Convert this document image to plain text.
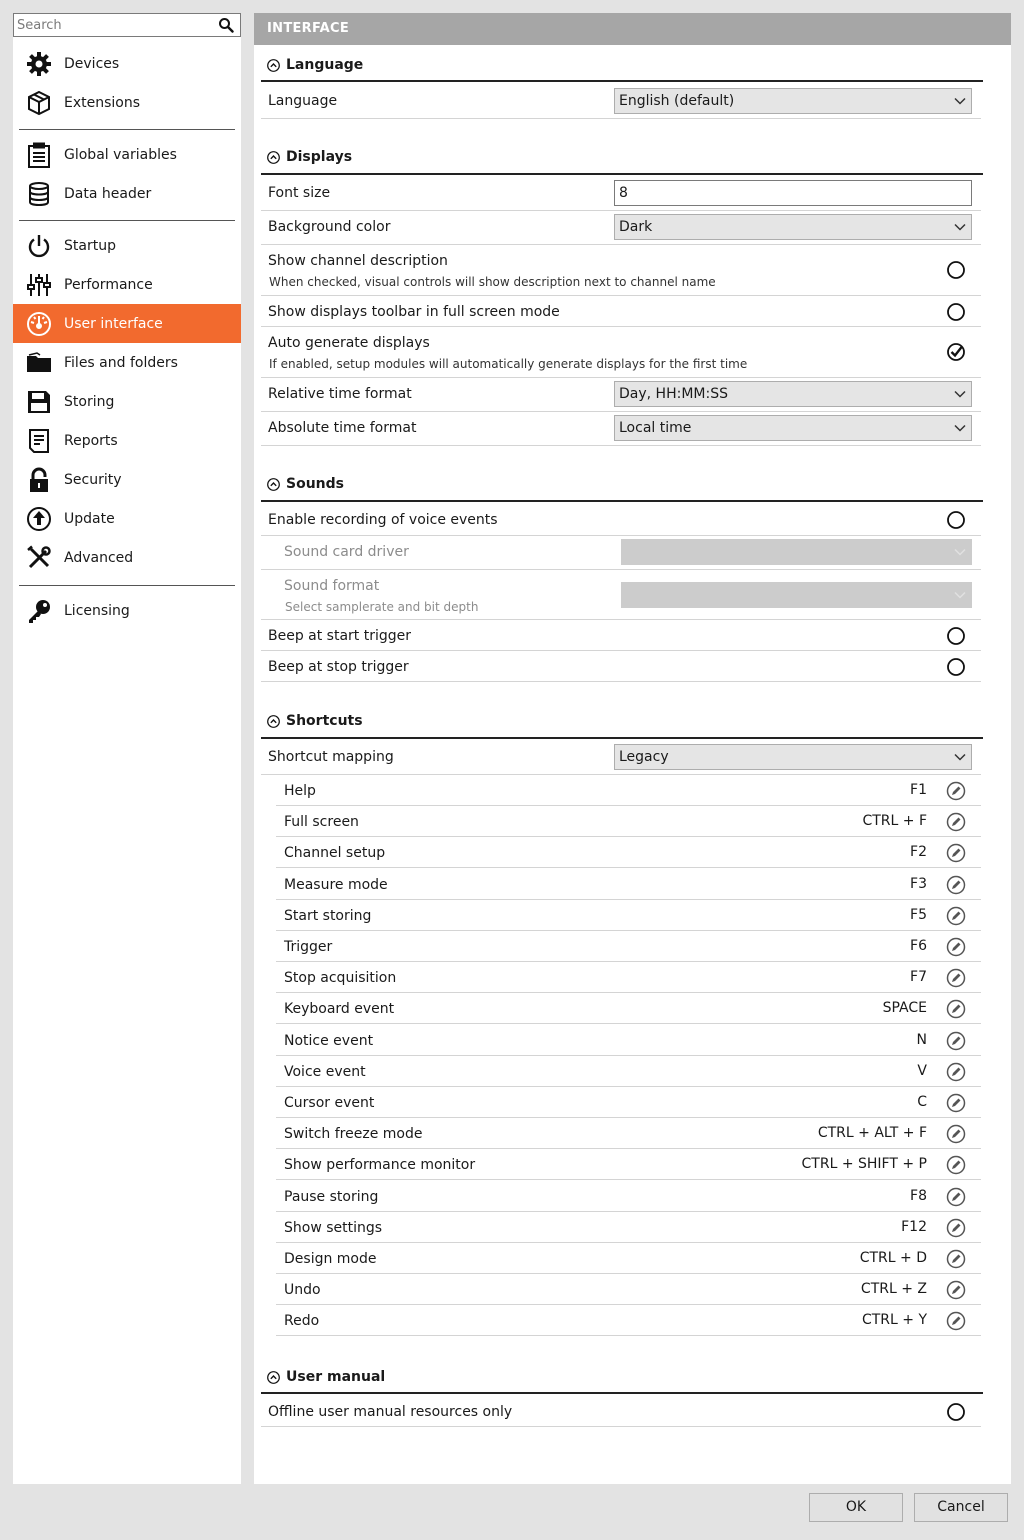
Search
Devices
Extensions
Global variables
Data header
Startup
Performance
User interface
Files and folders
Storing
Reports
Security
Update
Advanced
Licensing
INTERFACE
Language
Language	English (default)
Displays
Font size	8
Background color	Dark
Show channel description
When checked, visual controls will show description next to channel name
Show displays toolbar in full screen mode
Auto generate displays
If enabled, setup modules will automatically generate displays for the first time
Relative time format	Day, HH:MM:SS
Absolute time format	Local time
Sounds
Enable recording of voice events
Sound card driver
Sound format
Select samplerate and bit depth
Beep at start trigger
Beep at stop trigger
Shortcuts
Shortcut mapping	Legacy
User manual
Offline user manual resources only
Help	F1
Full screen	CTRL + F
Channel setup	F2
Measure mode	F3
Start storing	F5
Trigger	F6
Stop acquisition	F7
Keyboard event	SPACE
Notice event	N
Voice event	V
Cursor event	C
Switch freeze mode	CTRL + ALT + F
Show performance monitor	CTRL + SHIFT + P
Pause storing	F8
Show settings	F12
Design mode	CTRL + D
Undo	CTRL + Z
Redo	CTRL + Y
OK	Cancel
